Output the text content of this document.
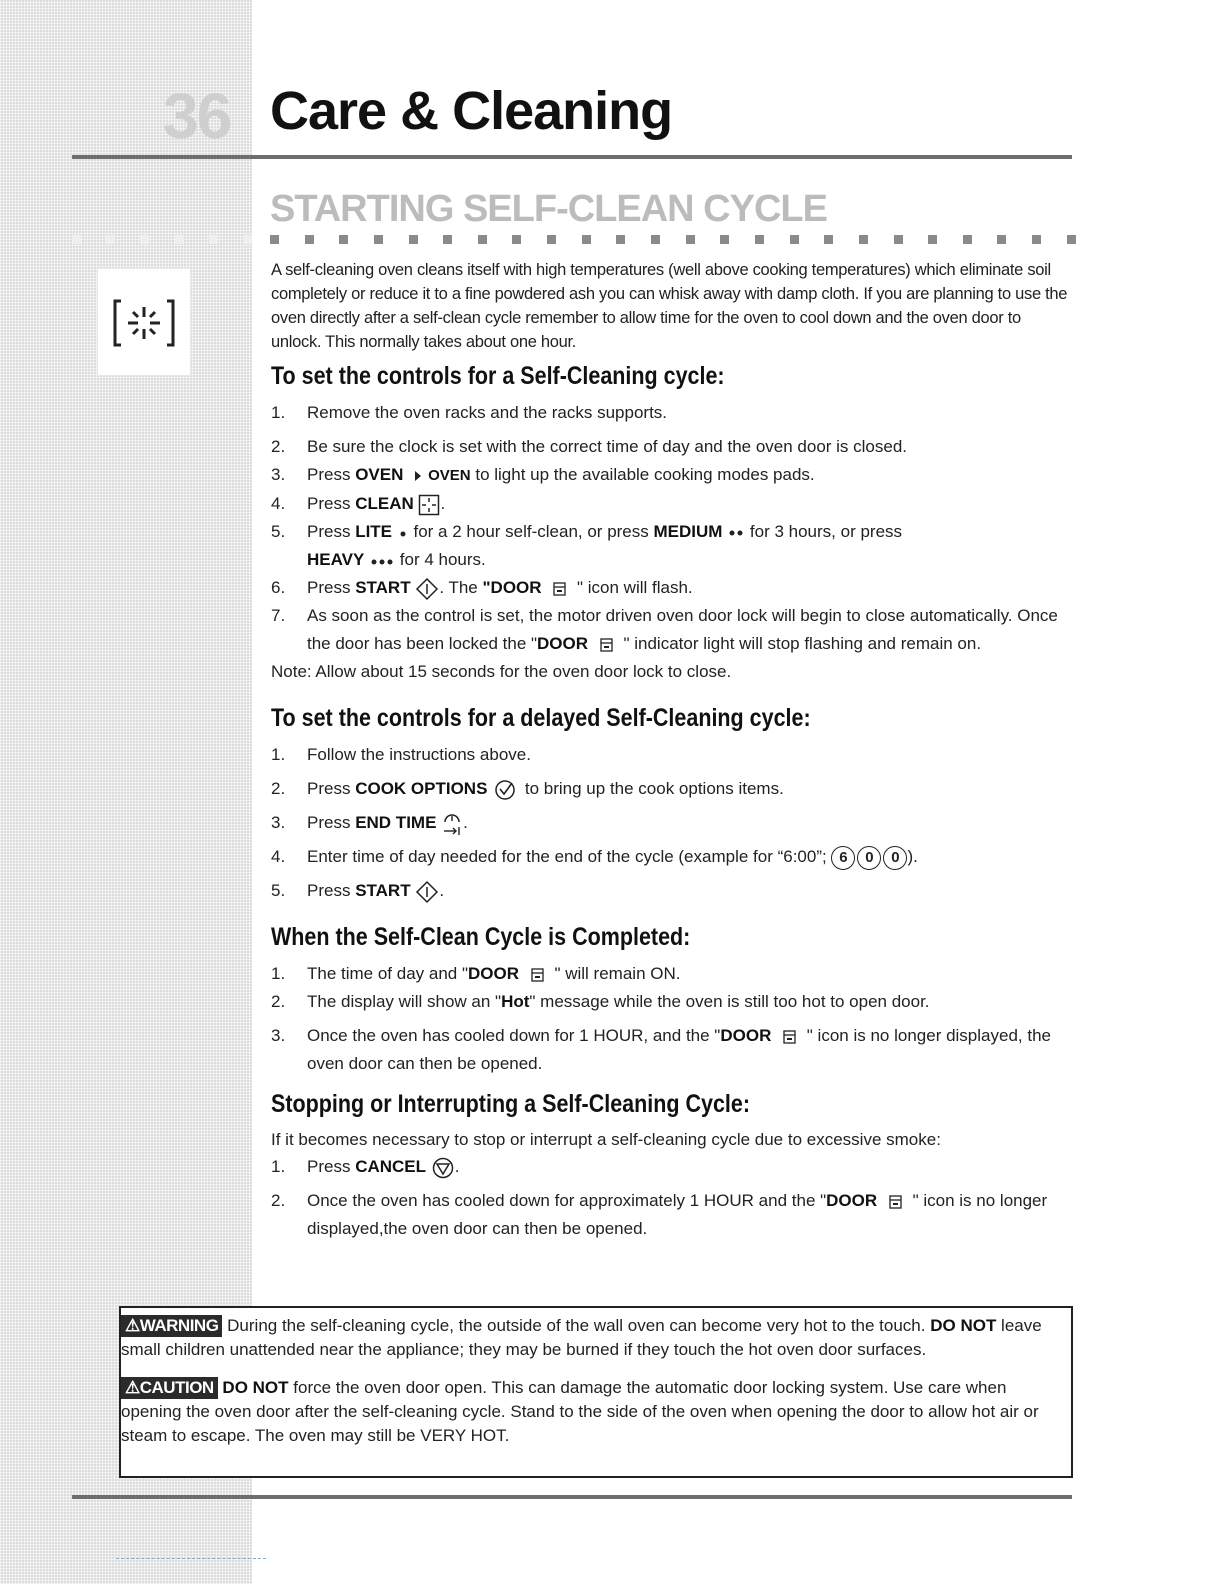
36 Care & Cleaning
STARTING SELF-CLEAN CYCLE

A self-cleaning oven cleans itself with high temperatures (well above cooking temperatures) which eliminate soil completely or reduce it to a fine powdered ash you can whisk away with damp cloth. If you are planning to use the oven directly after a self-clean cycle remember to allow time for the oven to cool down and the oven door to unlock. This normally takes about one hour.

To set the controls for a Self-Cleaning cycle:
1. Remove the oven racks and the racks supports.
2. Be sure the clock is set with the correct time of day and the oven door is closed.
3. Press OVEN OVEN to light up the available cooking modes pads.
4. Press CLEAN .
5. Press LITE  for a 2 hour self-clean, or press MEDIUM  for 3 hours, or press
HEAVY  for 4 hours.
6. Press START . The "DOOR  " icon will flash.
7. As soon as the control is set, the motor driven oven door lock will begin to close automatically. Once the door has been locked the "DOOR  " indicator light will stop flashing and remain on.

Note: Allow about 15 seconds for the oven door lock to close.

To set the controls for a delayed Self-Cleaning cycle:
1. Follow the instructions above.
2. Press COOK OPTIONS  to bring up the cook options items.
3. Press END TIME .
4. Enter time of day needed for the end of the cycle (example for “6:00”; 6	0	0 ).
5. Press START .
When the Self-Clean Cycle is Completed:
1. The time of day and "DOOR  " will remain ON.
2. The display will show an "Hot" message while the oven is still too hot to open door.
3. Once the oven has cooled down for 1 HOUR, and the "DOOR  " icon is no longer displayed, the oven door can then be opened.
Stopping or Interrupting a Self-Cleaning Cycle:

If it becomes necessary to stop or interrupt a self-cleaning cycle due to excessive smoke:

1. Press CANCEL .
2. Once the oven has cooled down for approximately 1 HOUR and the "DOOR  " icon is no longer displayed,the oven door can then be opened.

⚠WARNING During the self-cleaning cycle, the outside of the wall oven can become very hot to the touch. DO NOT leave small children unattended near the appliance; they may be burned if they touch the hot oven door surfaces.

⚠CAUTION DO NOT force the oven door open. This can damage the automatic door locking system. Use care when opening the oven door after the self-cleaning cycle. Stand to the side of the oven when opening the door to allow hot air or steam to escape. The oven may still be VERY HOT.
